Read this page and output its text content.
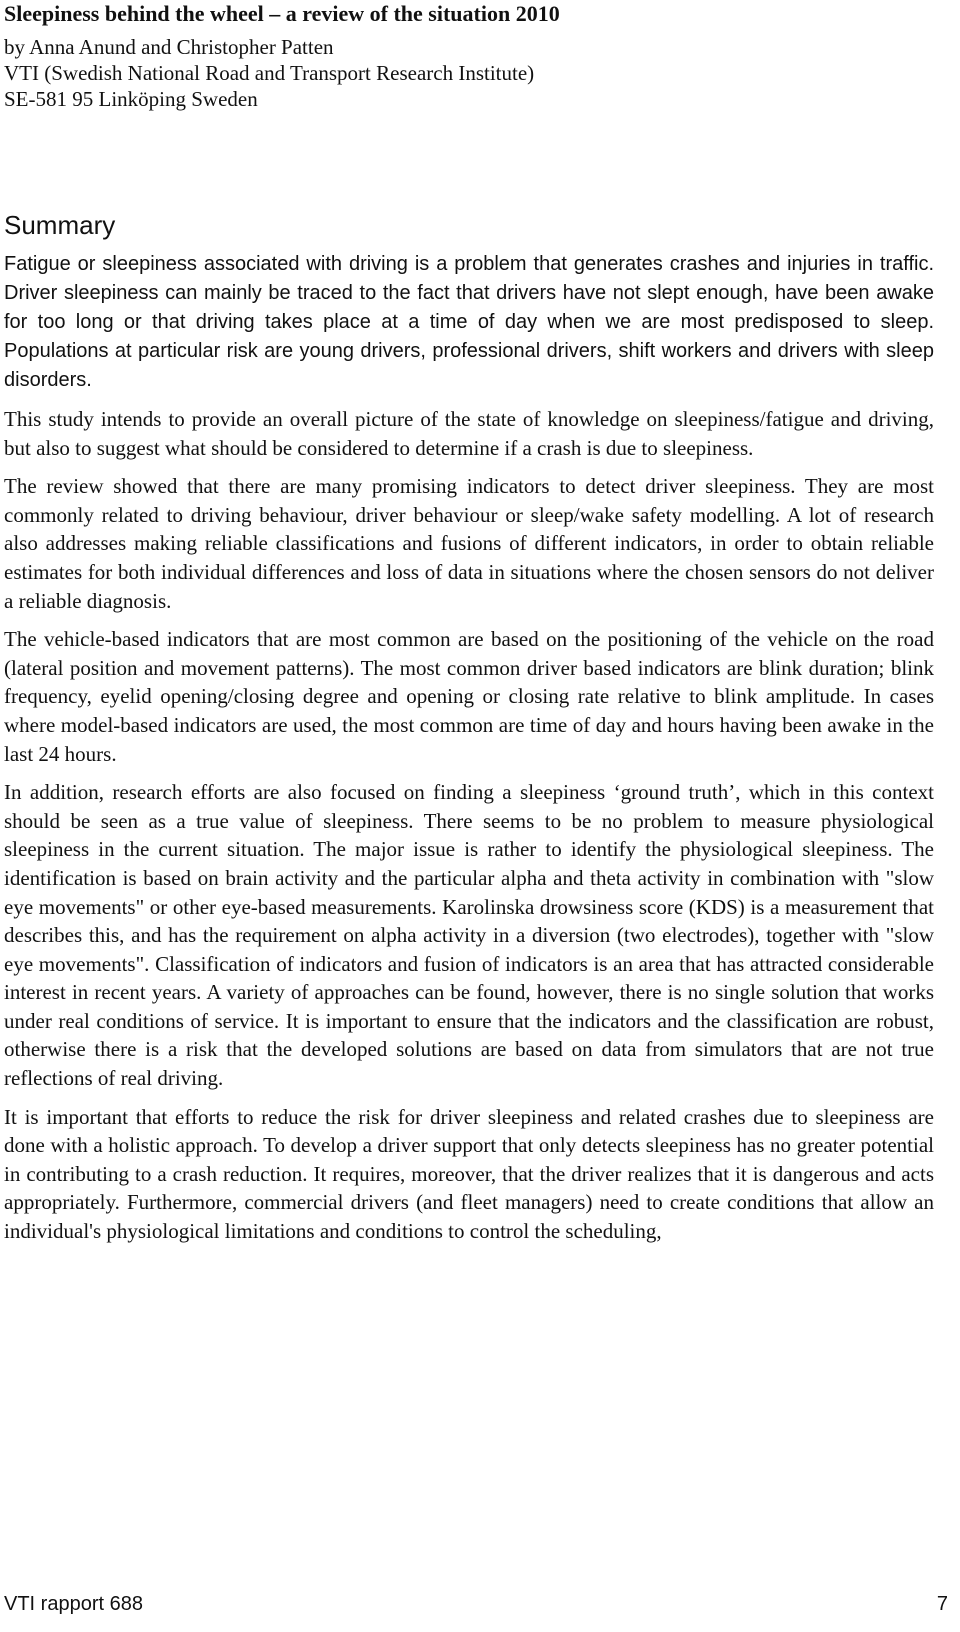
Sleepiness behind the wheel – a review of the situation 2010
by Anna Anund and Christopher Patten
VTI (Swedish National Road and Transport Research Institute)
SE-581 95 Linköping Sweden
Summary

Fatigue or sleepiness associated with driving is a problem that generates crashes and injuries in traffic. Driver sleepiness can mainly be traced to the fact that drivers have not slept enough, have been awake for too long or that driving takes place at a time of day when we are most predisposed to sleep. Populations at particular risk are young drivers, professional drivers, shift workers and drivers with sleep disorders.

This study intends to provide an overall picture of the state of knowledge on sleepiness/fatigue and driving, but also to suggest what should be considered to determine if a crash is due to sleepiness.

The review showed that there are many promising indicators to detect driver sleepiness. They are most commonly related to driving behaviour, driver behaviour or sleep/wake safety modelling. A lot of research also addresses making reliable classifications and fusions of different indicators, in order to obtain reliable estimates for both individual differences and loss of data in situations where the chosen sensors do not deliver a reliable diagnosis.

The vehicle-based indicators that are most common are based on the positioning of the vehicle on the road (lateral position and movement patterns). The most common driver based indicators are blink duration; blink frequency, eyelid opening/closing degree and opening or closing rate relative to blink amplitude. In cases where model-based indicators are used, the most common are time of day and hours having been awake in the last 24 hours.

In addition, research efforts are also focused on finding a sleepiness ‘ground truth’, which in this context should be seen as a true value of sleepiness. There seems to be no problem to measure physiological sleepiness in the current situation. The major issue is rather to identify the physiological sleepiness. The identification is based on brain activity and the particular alpha and theta activity in combination with "slow eye movements" or other eye-based measurements. Karolinska drowsiness score (KDS) is a measurement that describes this, and has the requirement on alpha activity in a diversion (two electrodes), together with "slow eye movements". Classification of indicators and fusion of indicators is an area that has attracted considerable interest in recent years. A variety of approaches can be found, however, there is no single solution that works under real conditions of service. It is important to ensure that the indicators and the classification are robust, otherwise there is a risk that the developed solutions are based on data from simulators that are not true reflections of real driving.

It is important that efforts to reduce the risk for driver sleepiness and related crashes due to sleepiness are done with a holistic approach. To develop a driver support that only detects sleepiness has no greater potential in contributing to a crash reduction. It requires, moreover, that the driver realizes that it is dangerous and acts appropriately. Furthermore, commercial drivers (and fleet managers) need to create conditions that allow an individual's physiological limitations and conditions to control the scheduling,

VTI rapport 688	7
